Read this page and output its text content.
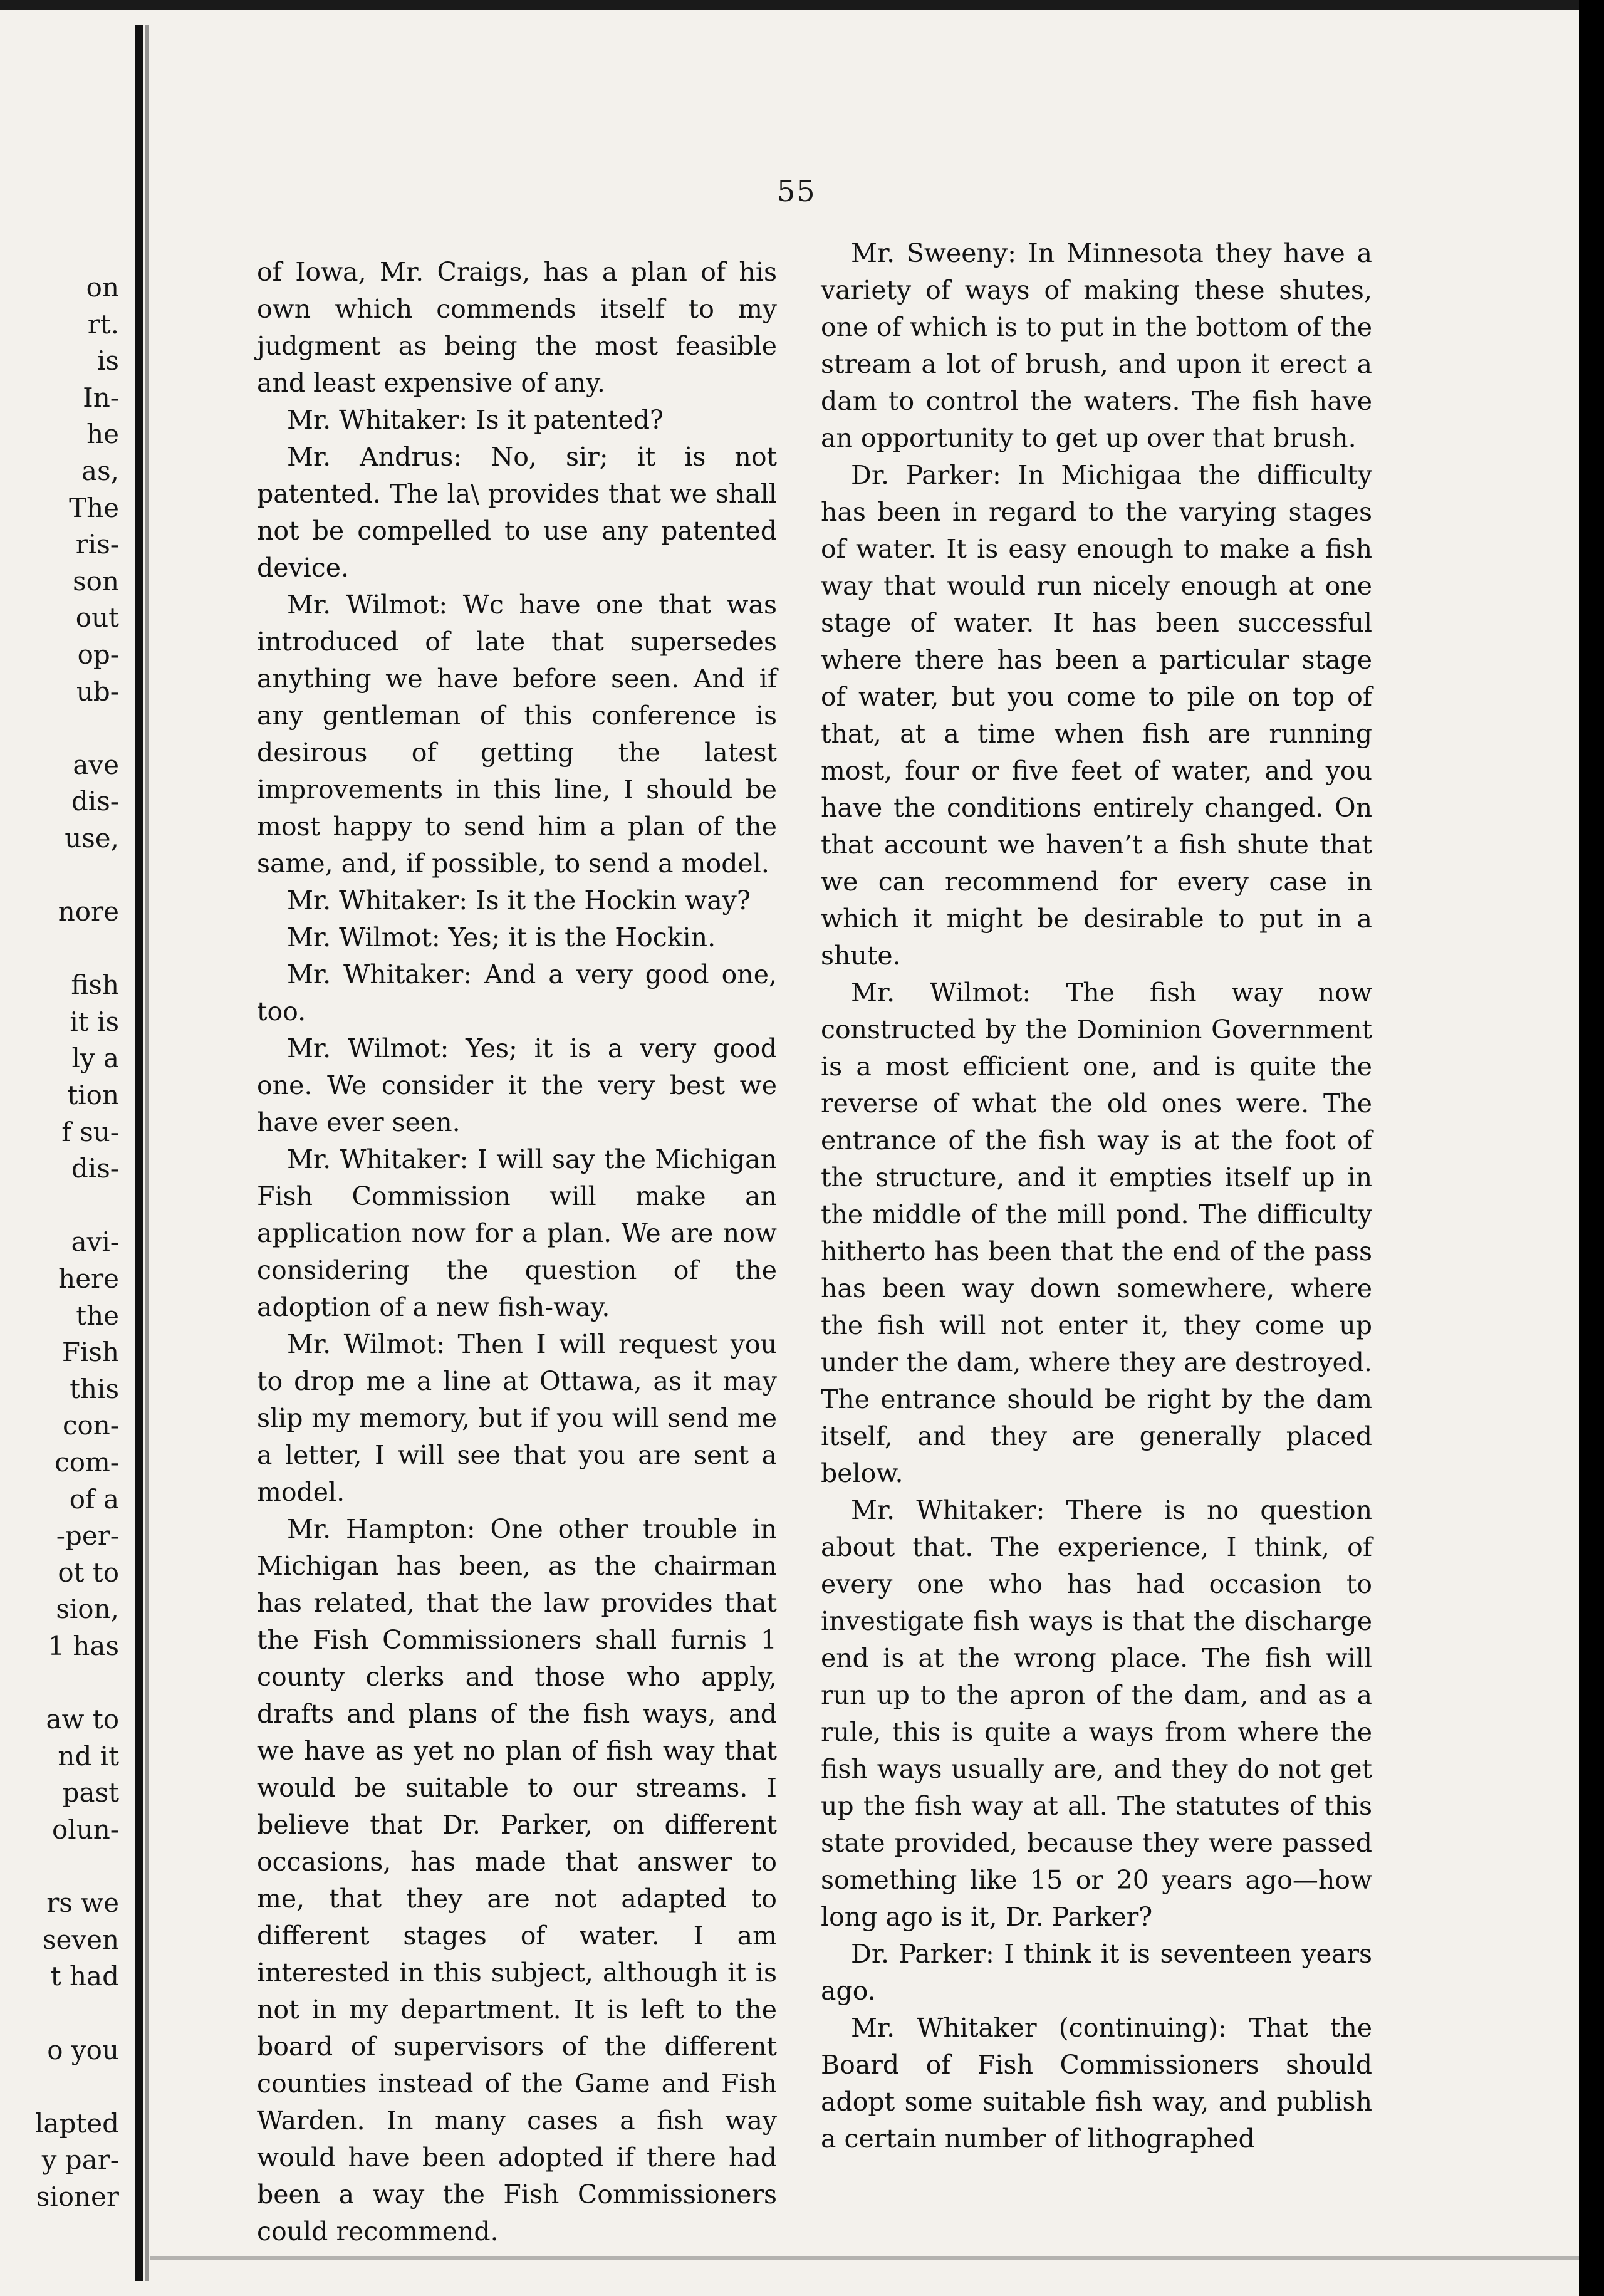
on
rt.
is
In-
he
as,
The
ris-
son
out
op-
ub-
ave
dis-
use,
nore
fish
it is
ly a
tion
f su-
dis-
avi-
here
the
Fish
this
con-
com-
of a
-per-
ot to
sion,
1 has
aw to
nd it
past
olun-
rs we
seven
t had
o you
lapted
y par-
sioner
55

of Iowa, Mr. Craigs, has a plan of his own which commends itself to my judgment as being the most feasible and least expensive of any.

Mr. Whitaker: Is it patented?

Mr. Andrus: No, sir; it is not patented. The la\ provides that we shall not be compelled to use any patented device.

Mr. Wilmot: Wc have one that was introduced of late that supersedes anything we have before seen. And if any gentleman of this conference is desirous of getting the latest improvements in this line, I should be most happy to send him a plan of the same, and, if possible, to send a model.

Mr. Whitaker: Is it the Hockin way?

Mr. Wilmot: Yes; it is the Hockin.

Mr. Whitaker: And a very good one, too.

Mr. Wilmot: Yes; it is a very good one. We consider it the very best we have ever seen.

Mr. Whitaker: I will say the Michigan Fish Commission will make an application now for a plan. We are now considering the question of the adoption of a new fish-way.

Mr. Wilmot: Then I will request you to drop me a line at Ottawa, as it may slip my memory, but if you will send me a letter, I will see that you are sent a model.

Mr. Hampton: One other trouble in Michigan has been, as the chairman has related, that the law provides that the Fish Commissioners shall furnis 1 county clerks and those who apply, drafts and plans of the fish ways, and we have as yet no plan of fish way that would be suitable to our streams. I believe that Dr. Parker, on different occasions, has made that answer to me, that they are not adapted to different stages of water. I am interested in this subject, although it is not in my department. It is left to the board of supervisors of the different counties instead of the Game and Fish Warden. In many cases a fish way would have been adopted if there had been a way the Fish Commissioners could recommend.

Mr. Sweeny: In Minnesota they have a variety of ways of making these shutes, one of which is to put in the bottom of the stream a lot of brush, and upon it erect a dam to control the waters. The fish have an opportunity to get up over that brush.

Dr. Parker: In Michigaa the difficulty has been in regard to the varying stages of water. It is easy enough to make a fish way that would run nicely enough at one stage of water. It has been successful where there has been a particular stage of water, but you come to pile on top of that, at a time when fish are running most, four or five feet of water, and you have the conditions entirely changed. On that account we haven’t a fish shute that we can recommend for every case in which it might be desirable to put in a shute.

Mr. Wilmot: The fish way now constructed by the Dominion Government is a most efficient one, and is quite the reverse of what the old ones were. The entrance of the fish way is at the foot of the structure, and it empties itself up in the middle of the mill pond. The difficulty hitherto has been that the end of the pass has been way down somewhere, where the fish will not enter it, they come up under the dam, where they are destroyed. The entrance should be right by the dam itself, and they are generally placed below.

Mr. Whitaker: There is no question about that. The experience, I think, of every one who has had occasion to investigate fish ways is that the discharge end is at the wrong place. The fish will run up to the apron of the dam, and as a rule, this is quite a ways from where the fish ways usually are, and they do not get up the fish way at all. The statutes of this state provided, because they were passed something like 15 or 20 years ago—how long ago is it, Dr. Parker?

Dr. Parker: I think it is seventeen years ago.

Mr. Whitaker (continuing): That the Board of Fish Commissioners should adopt some suitable fish way, and publish a certain number of lithographed
